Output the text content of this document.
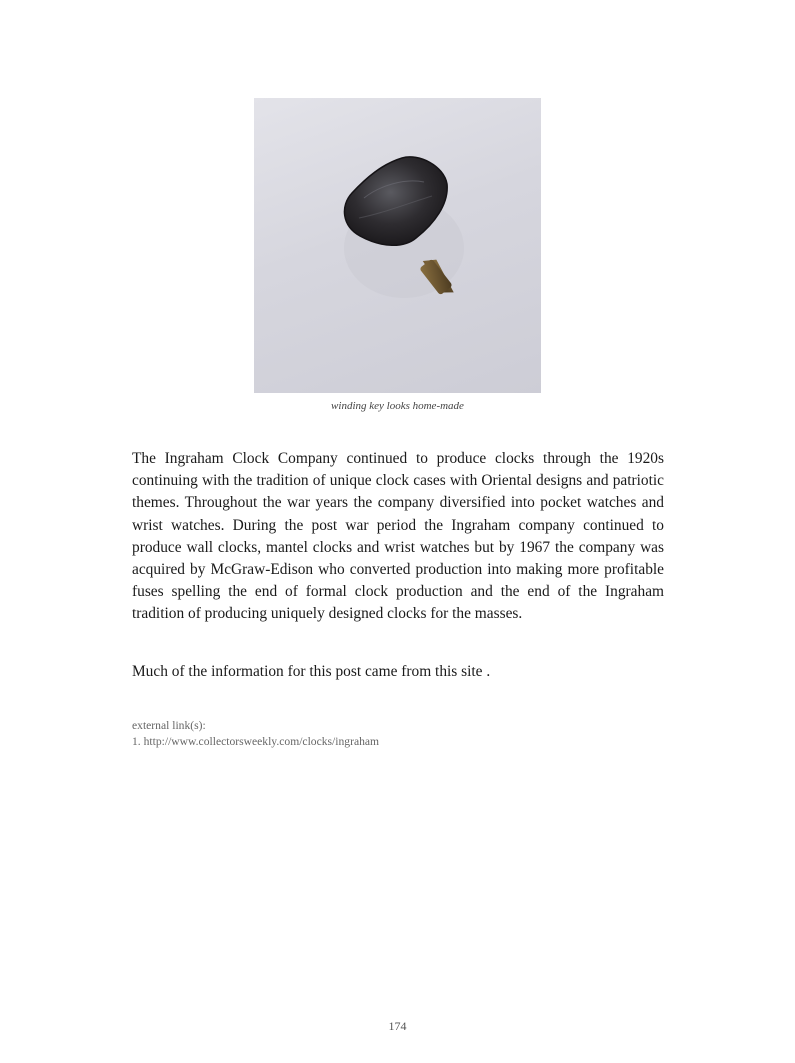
winding key looks home-made

The Ingraham Clock Company continued to produce clocks through the 1920s continuing with the tradition of unique clock cases with Oriental designs and patriotic themes. Throughout the war years the company diversified into pocket watches and wrist watches. During the post war period the Ingraham company continued to produce wall clocks, mantel clocks and wrist watches but by 1967 the company was acquired by McGraw-Edison who converted production into making more profitable fuses spelling the end of formal clock production and the end of the Ingraham tradition of producing uniquely designed clocks for the masses.

Much of the information for this post came from this site .

external link(s):
1. http://www.collectorsweekly.com/clocks/ingraham
174
